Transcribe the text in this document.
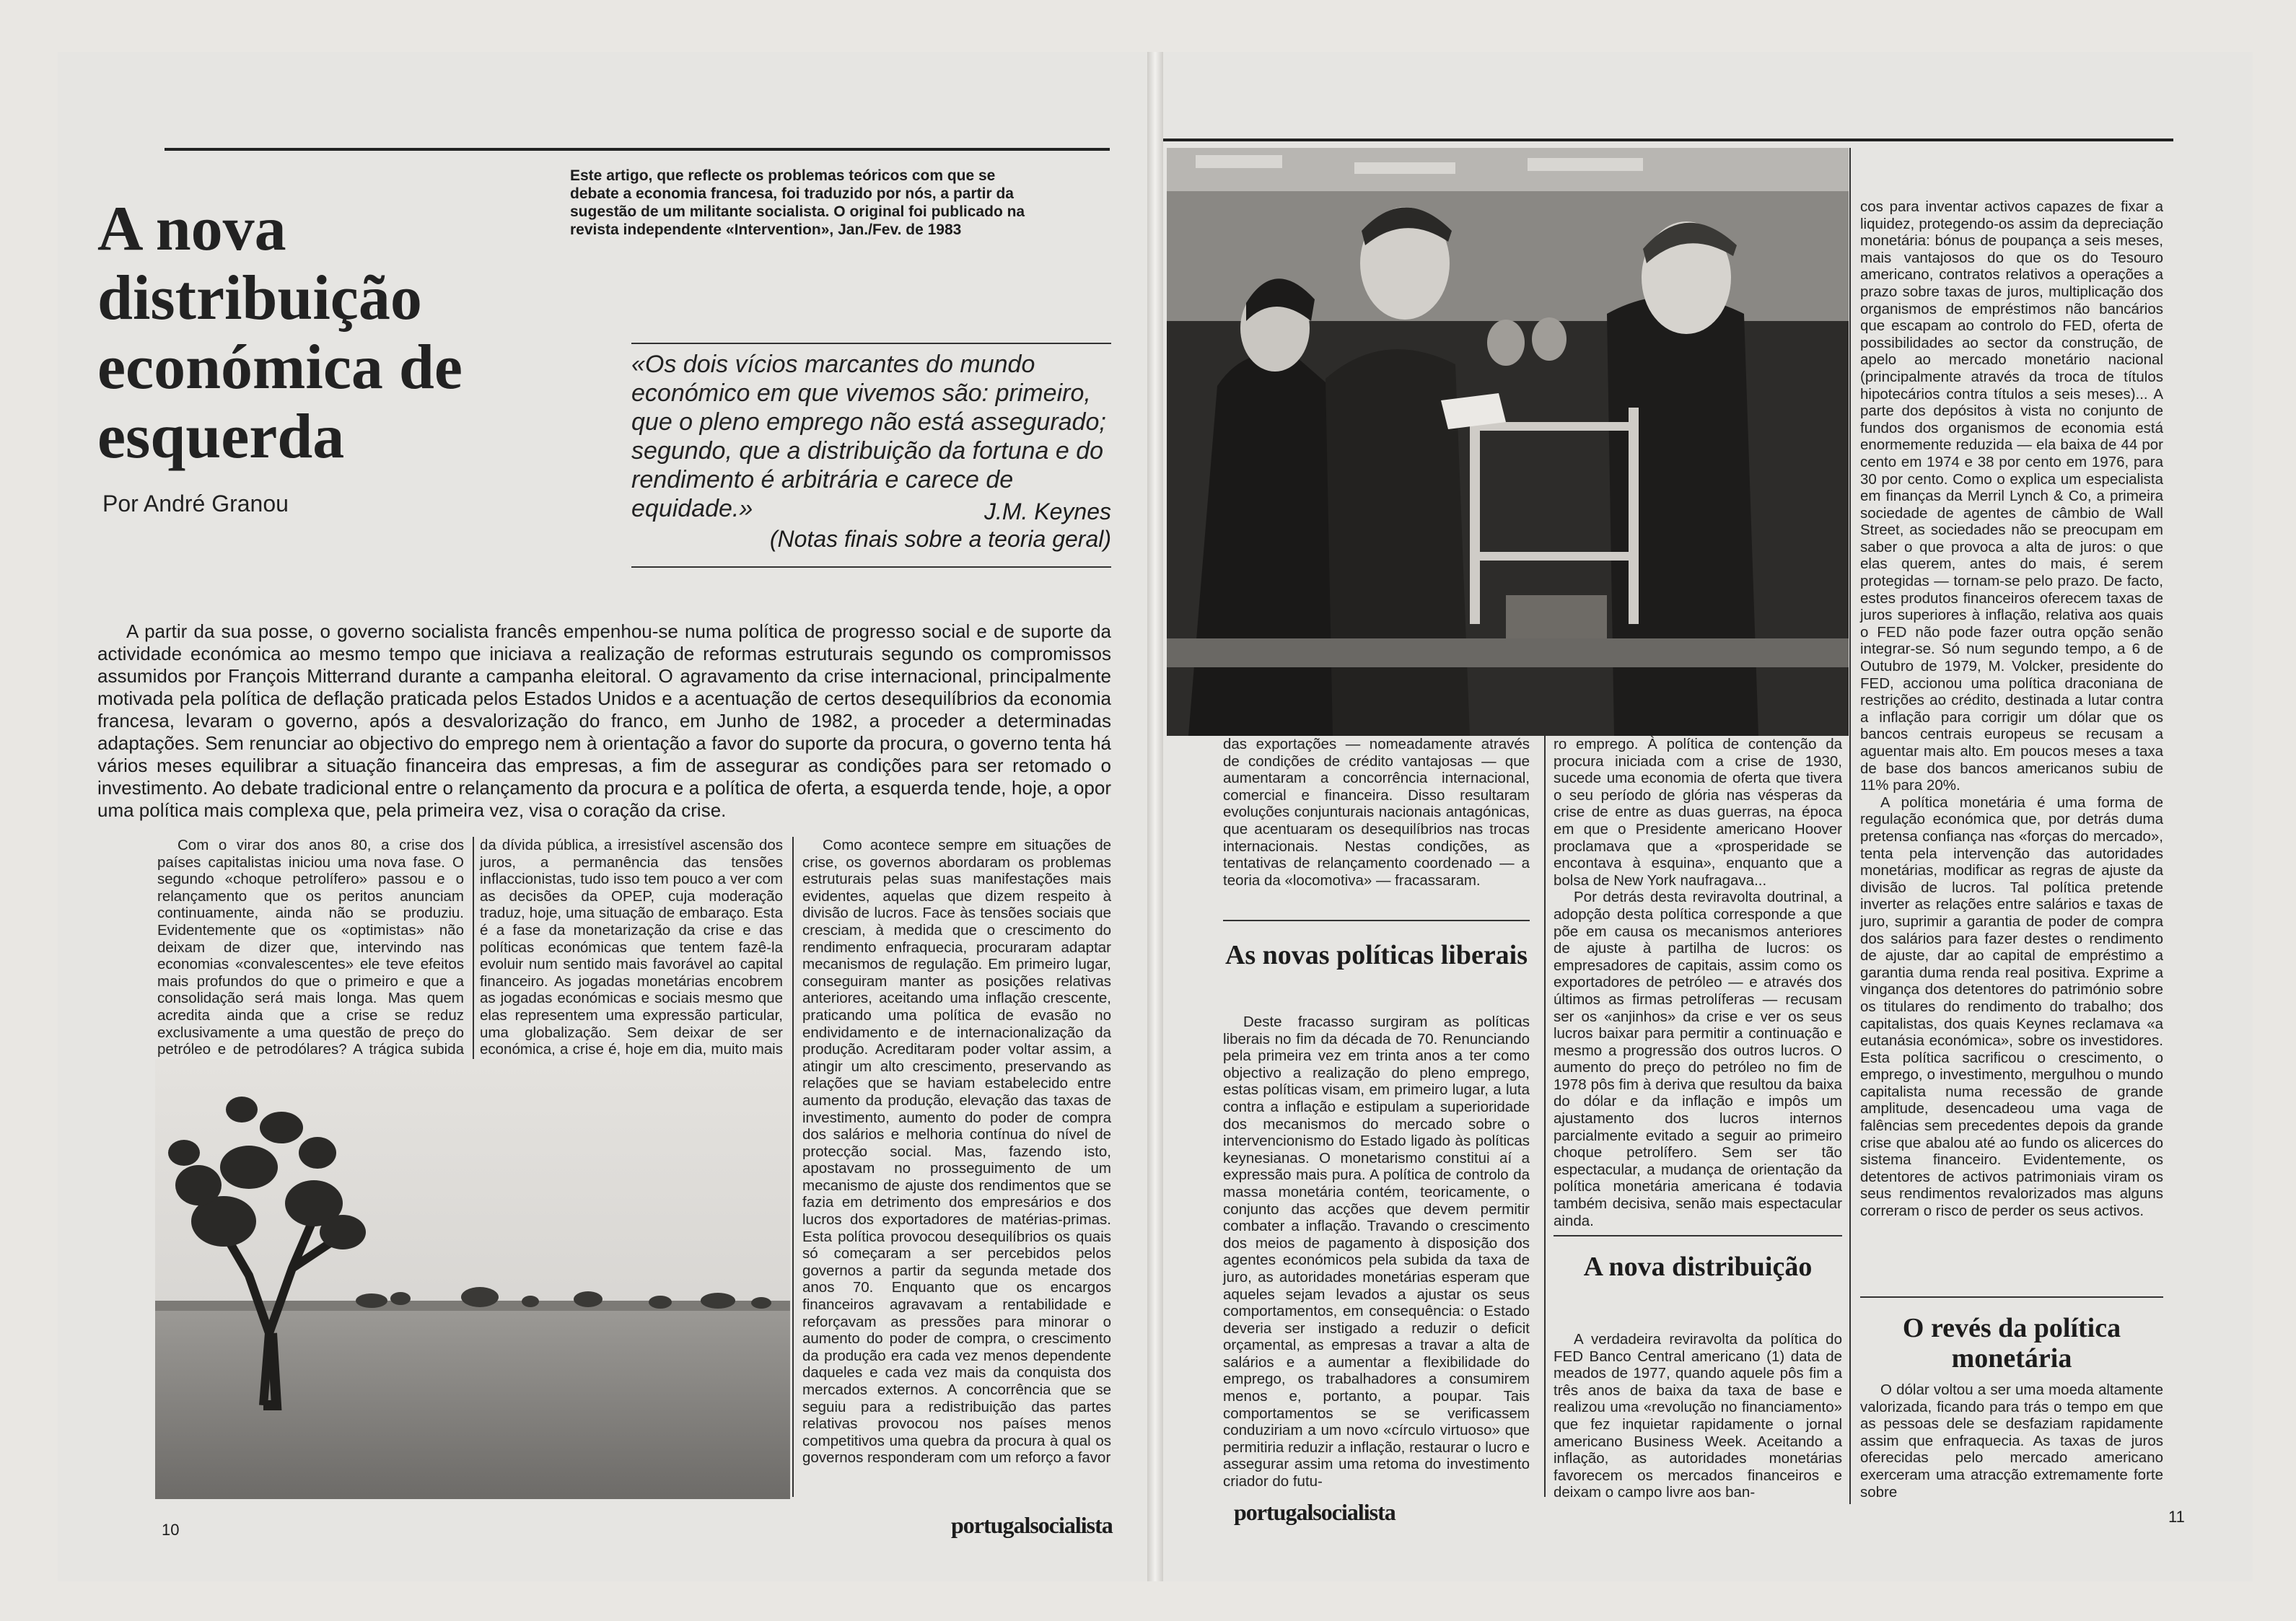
Este artigo, que reflecte os problemas teóricos com que se debate a economia francesa, foi traduzido por nós, a partir da sugestão de um militante socialista. O original foi publicado na revista independente «Intervention», Jan./Fev. de 1983

A nova distribuição económica de esquerda
Por André Granou

«Os dois vícios marcantes do mundo económico em que vivemos são: primeiro, que o pleno emprego não está assegurado; segundo, que a distribuição da fortuna e do rendimento é arbitrária e carece de equidade.»	J.M. Keynes
(Notas finais sobre a teoria geral)

A partir da sua posse, o governo socialista francês empenhou-se numa política de progresso social e de suporte da actividade económica ao mesmo tempo que iniciava a realização de reformas estruturais segundo os compromissos assumidos por François Mitterrand durante a campanha eleitoral. O agravamento da crise internacional, principalmente motivada pela política de deflação praticada pelos Estados Unidos e a acentuação de certos desequilíbrios da economia francesa, levaram o governo, após a desvalorização do franco, em Junho de 1982, a proceder a determinadas adaptações. Sem renunciar ao objectivo do emprego nem à orientação a favor do suporte da procura, o governo tenta há vários meses equilibrar a situação financeira das empresas, a fim de assegurar as condições para ser retomado o investimento. Ao debate tradicional entre o relançamento da procura e a política de oferta, a esquerda tende, hoje, a opor uma política mais complexa que, pela primeira vez, visa o coração da crise.

Com o virar dos anos 80, a crise dos países capitalistas iniciou uma nova fase. O segundo «choque petrolífero» passou e o relançamento que os peritos anunciam continuamente, ainda não se produziu. Evidentemente que os «optimistas» não deixam de dizer que, intervindo nas economias «convalescentes» ele teve efeitos mais profundos do que o primeiro e que a consolidação será mais longa. Mas quem acredita ainda que a crise se reduz exclusivamente a uma questão de preço do petróleo e de petrodólares? A trágica subida

da dívida pública, a irresistível ascensão dos juros, a permanência das tensões inflaccionistas, tudo isso tem pouco a ver com as decisões da OPEP, cuja moderação traduz, hoje, uma situação de embaraço. Esta é a fase da monetarização da crise e das políticas económicas que tentem fazê-la evoluir num sentido mais favorável ao capital financeiro. As jogadas monetárias encobrem as jogadas económicas e sociais mesmo que elas representem uma expressão particular, uma globalização. Sem deixar de ser económica, a crise é, hoje em dia, muito mais

Como acontece sempre em situações de crise, os governos abordaram os problemas estruturais pelas suas manifestações mais evidentes, aquelas que dizem respeito à divisão de lucros. Face às tensões sociais que cresciam, à medida que o crescimento do rendimento enfraquecia, procuraram adaptar mecanismos de regulação. Em primeiro lugar, conseguiram manter as posições relativas anteriores, aceitando uma inflação crescente, praticando uma política de evasão no endividamento e de internacionalização da produção. Acreditaram poder voltar assim, a atingir um alto crescimento, preservando as relações que se haviam estabelecido entre aumento da produção, elevação das taxas de investimento, aumento do poder de compra dos salários e melhoria contínua do nível de protecção social. Mas, fazendo isto, apostavam no prosseguimento de um mecanismo de ajuste dos rendimentos que se fazia em detrimento dos empresários e dos lucros dos exportadores de matérias-primas. Esta política provocou desequilíbrios os quais só começaram a ser percebidos pelos governos a partir da segunda metade dos anos 70. Enquanto que os encargos financeiros agravavam a rentabilidade e reforçavam as pressões para minorar o aumento do poder de compra, o crescimento da produção era cada vez menos dependente daqueles e cada vez mais da conquista dos mercados externos. A concorrência que se seguiu para a redistribuição das partes relativas provocou nos países menos competitivos uma quebra da procura à qual os governos responderam com um reforço a favor

10	portugalsocialista

das exportações — nomeadamente através de condições de crédito vantajosas — que aumentaram a concorrência internacional, comercial e financeira. Disso resultaram evoluções conjunturais nacionais antagónicas, que acentuaram os desequilíbrios nas trocas internacionais. Nestas condições, as tentativas de relançamento coordenado — a teoria da «locomotiva» — fracassaram.

As novas políticas liberais

Deste fracasso surgiram as políticas liberais no fim da década de 70. Renunciando pela primeira vez em trinta anos a ter como objectivo a realização do pleno emprego, estas políticas visam, em primeiro lugar, a luta contra a inflação e estipulam a superioridade dos mecanismos do mercado sobre o intervencionismo do Estado ligado às políticas keynesianas. O monetarismo constitui aí a expressão mais pura. A política de controlo da massa monetária contém, teoricamente, o conjunto das acções que devem permitir combater a inflação. Travando o crescimento dos meios de pagamento à disposição dos agentes económicos pela subida da taxa de juro, as autoridades monetárias esperam que aqueles sejam levados a ajustar os seus comportamentos, em consequência: o Estado deveria ser instigado a reduzir o deficit orçamental, as empresas a travar a alta de salários e a aumentar a flexibilidade do emprego, os trabalhadores a consumirem menos e, portanto, a poupar. Tais comportamentos se se verificassem conduziriam a um novo «círculo virtuoso» que permitiria reduzir a inflação, restaurar o lucro e assegurar assim uma retoma do investimento criador do futu-

ro emprego. À política de contenção da procura iniciada com a crise de 1930, sucede uma economia de oferta que tivera o seu período de glória nas vésperas da crise de entre as duas guerras, na época em que o Presidente americano Hoover proclamava que a «prosperidade se encontava à esquina», enquanto que a bolsa de New York naufragava...

Por detrás desta reviravolta doutrinal, a adopção desta política corresponde a que põe em causa os mecanismos anteriores de ajuste à partilha de lucros: os empresadores de capitais, assim como os exportadores de petróleo — e através dos últimos as firmas petrolíferas — recusam ser os «anjinhos» da crise e ver os seus lucros baixar para permitir a continuação e mesmo a progressão dos outros lucros. O aumento do preço do petróleo no fim de 1978 pôs fim à deriva que resultou da baixa do dólar e da inflação e impôs um ajustamento dos lucros internos parcialmente evitado a seguir ao primeiro choque petrolífero. Sem ser tão espectacular, a mudança de orientação da política monetária americana é todavia também decisiva, senão mais espectacular ainda.

A nova distribuição

A verdadeira reviravolta da política do FED Banco Central americano (1) data de meados de 1977, quando aquele pôs fim a três anos de baixa da taxa de base e realizou uma «revolução no financiamento» que fez inquietar rapidamente o jornal americano Business Week. Aceitando a inflação, as autoridades monetárias favorecem os mercados financeiros e deixam o campo livre aos ban-

cos para inventar activos capazes de fixar a liquidez, protegendo-os assim da depreciação monetária: bónus de poupança a seis meses, mais vantajosos do que os do Tesouro americano, contratos relativos a operações a prazo sobre taxas de juros, multiplicação dos organismos de empréstimos não bancários que escapam ao controlo do FED, oferta de possibilidades ao sector da construção, de apelo ao mercado monetário nacional (principalmente através da troca de títulos hipotecários contra títulos a seis meses)... A parte dos depósitos à vista no conjunto de fundos dos organismos de economia está enormemente reduzida — ela baixa de 44 por cento em 1974 e 38 por cento em 1976, para 30 por cento. Como o explica um especialista em finanças da Merril Lynch & Co, a primeira sociedade de agentes de câmbio de Wall Street, as sociedades não se preocupam em saber o que provoca a alta de juros: o que elas querem, antes do mais, é serem protegidas — tornam-se pelo prazo. De facto, estes produtos financeiros oferecem taxas de juros superiores à inflação, relativa aos quais o FED não pode fazer outra opção senão integrar-se. Só num segundo tempo, a 6 de Outubro de 1979, M. Volcker, presidente do FED, accionou uma política draconiana de restrições ao crédito, destinada a lutar contra a inflação para corrigir um dólar que os bancos centrais europeus se recusam a aguentar mais alto. Em poucos meses a taxa de base dos bancos americanos subiu de 11% para 20%.

A política monetária é uma forma de regulação económica que, por detrás duma pretensa confiança nas «forças do mercado», tenta pela intervenção das autoridades monetárias, modificar as regras de ajuste da divisão de lucros. Tal política pretende inverter as relações entre salários e taxas de juro, suprimir a garantia de poder de compra dos salários para fazer destes o rendimento de ajuste, dar ao capital de empréstimo a garantia duma renda real positiva. Exprime a vingança dos detentores do património sobre os titulares do rendimento do trabalho; dos capitalistas, dos quais Keynes reclamava «a eutanásia económica», sobre os investidores. Esta política sacrificou o crescimento, o emprego, o investimento, mergulhou o mundo capitalista numa recessão de grande amplitude, desencadeou uma vaga de falências sem precedentes depois da grande crise que abalou até ao fundo os alicerces do sistema financeiro. Evidentemente, os detentores de activos patrimoniais viram os seus rendimentos revalorizados mas alguns correram o risco de perder os seus activos.

O revés da política monetária

O dólar voltou a ser uma moeda altamente valorizada, ficando para trás o tempo em que as pessoas dele se desfaziam rapidamente assim que enfraquecia. As taxas de juros oferecidas pelo mercado americano exerceram uma atracção extremamente forte sobre

portugalsocialista	11
